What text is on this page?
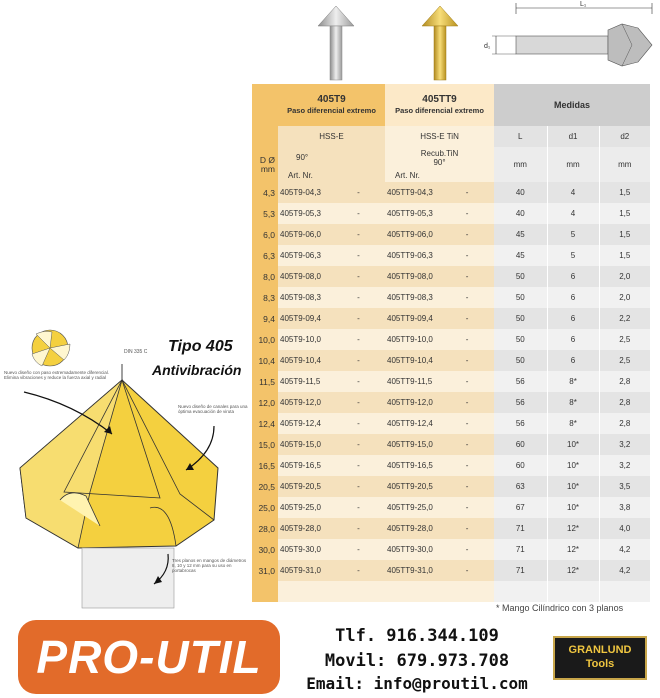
L₁
d₁
	405T9
Paso diferencial extremo		405TT9
Paso diferencial extremo		Medidas		
	HSS-E		HSS-E TiN		L	d1	d2
D Ø
mm	90°		Recub.TiN
90°		mm	mm	mm
	Art. Nr.		Art. Nr.				
4,3	405T9-04,3	-	405TT9-04,3	-	40	4	1,5
5,3	405T9-05,3	-	405TT9-05,3	-	40	4	1,5
6,0	405T9-06,0	-	405TT9-06,0	-	45	5	1,5
6,3	405T9-06,3	-	405TT9-06,3	-	45	5	1,5
8,0	405T9-08,0	-	405TT9-08,0	-	50	6	2,0
8,3	405T9-08,3	-	405TT9-08,3	-	50	6	2,0
9,4	405T9-09,4	-	405TT9-09,4	-	50	6	2,2
10,0	405T9-10,0	-	405TT9-10,0	-	50	6	2,5
10,4	405T9-10,4	-	405TT9-10,4	-	50	6	2,5
11,5	405T9-11,5	-	405TT9-11,5	-	56	8*	2,8
12,0	405T9-12,0	-	405TT9-12,0	-	56	8*	2,8
12,4	405T9-12,4	-	405TT9-12,4	-	56	8*	2,8
15,0	405T9-15,0	-	405TT9-15,0	-	60	10*	3,2
16,5	405T9-16,5	-	405TT9-16,5	-	60	10*	3,2
20,5	405T9-20,5	-	405TT9-20,5	-	63	10*	3,5
25,0	405T9-25,0	-	405TT9-25,0	-	67	10*	3,8
28,0	405T9-28,0	-	405TT9-28,0	-	71	12*	4,0
30,0	405T9-30,0	-	405TT9-30,0	-	71	12*	4,2
31,0	405T9-31,0	-	405TT9-31,0	-	71	12*	4,2

* Mango Cilíndrico con 3 planos
Tipo 405
Antivibración
DIN 335 C
Nuevo diseño con paso extremadamente diferencial. Elimina vibraciones y reduce la fuerza axial y radial
Nuevo diseño de canales para una óptima evacuación de viruta
Tres planos en mangos de diámetros 8, 10 y 12 mm para su uso en portabrocas
PRO-UTIL	Tlf. 916.344.109
Movil: 679.973.708
Email: info@proutil.com
GRANLUND
Tools
